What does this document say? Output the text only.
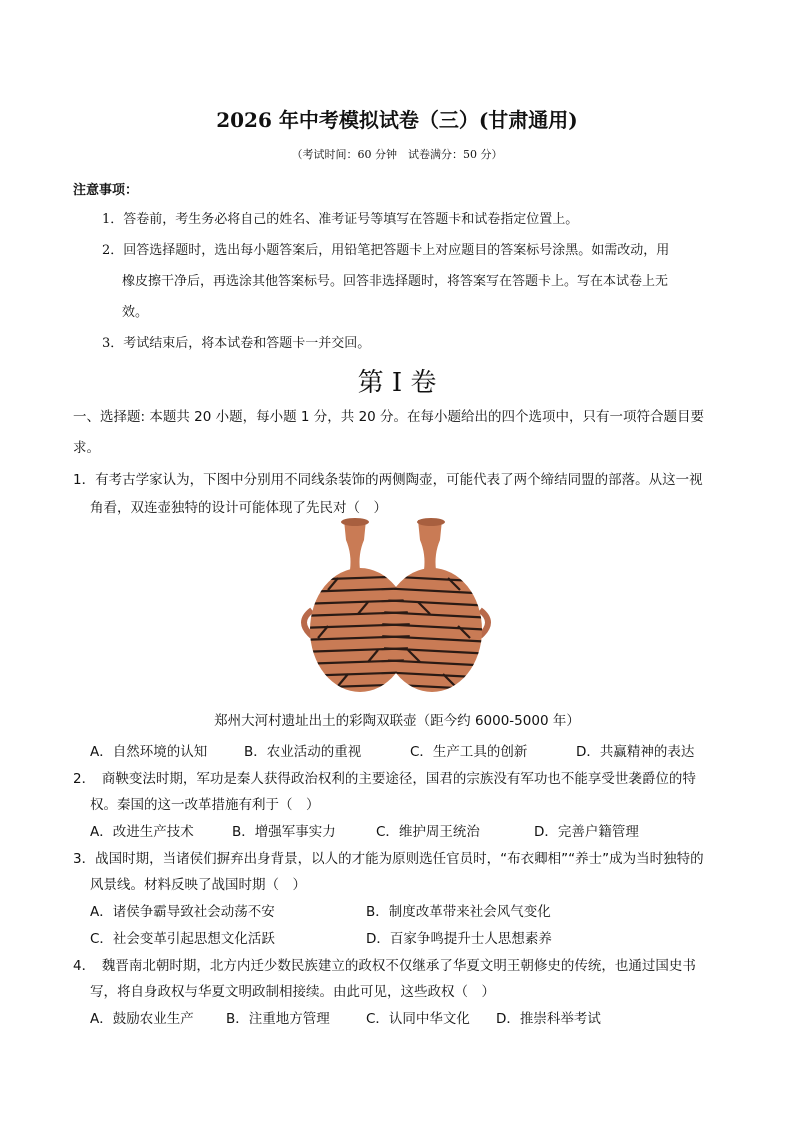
2026 年中考模拟试卷（三）(甘肃通用)
（考试时间：60 分钟　试卷满分：50 分）
注意事项：
1．答卷前，考生务必将自己的姓名、准考证号等填写在答题卡和试卷指定位置上。
2．回答选择题时，选出每小题答案后，用铅笔把答题卡上对应题目的答案标号涂黑。如需改动，用
橡皮擦干净后，再选涂其他答案标号。回答非选择题时，将答案写在答题卡上。写在本试卷上无
效。
3．考试结束后，将本试卷和答题卡一并交回。
第 I 卷
一、选择题: 本题共 20 小题，每小题 1 分，共 20 分。在每小题给出的四个选项中，只有一项符合题目要
求。
1．有考古学家认为，下图中分别用不同线条装饰的两侧陶壶，可能代表了两个缔结同盟的部落。从这一视
角看，双连壶独特的设计可能体现了先民对（　）
郑州大河村遗址出土的彩陶双联壶（距今约 6000-5000 年）
A．自然环境的认知	B．农业活动的重视	C．生产工具的创新	D．共赢精神的表达
2．　商鞅变法时期，军功是秦人获得政治权利的主要途径，国君的宗族没有军功也不能享受世袭爵位的特
权。秦国的这一改革措施有利于（　）
A．改进生产技术	B．增强军事实力	C．维护周王统治	D．完善户籍管理
3．战国时期，当诸侯们摒弃出身背景，以人的才能为原则选任官员时，“布衣卿相”“养士”成为当时独特的
风景线。材料反映了战国时期（　）
A．诸侯争霸导致社会动荡不安	B．制度改革带来社会风气变化
C．社会变革引起思想文化活跃	D．百家争鸣提升士人思想素养
4．　魏晋南北朝时期，北方内迁少数民族建立的政权不仅继承了华夏文明王朝修史的传统，也通过国史书
写，将自身政权与华夏文明政制相接续。由此可见，这些政权（　）
A．鼓励农业生产 B．注重地方管理	C．认同中华文化 D．推崇科举考试
